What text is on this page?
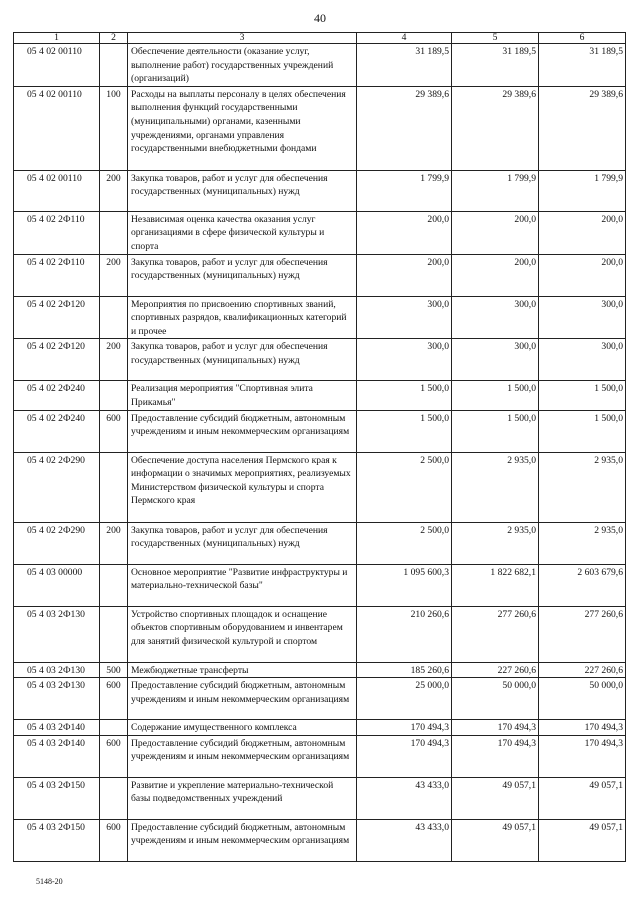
40
1	2	3	4	5	6
05 4 02 00110		Обеспечение деятельности (оказание услуг, выполнение работ) государственных учреждений (организаций)	31 189,5	31 189,5	31 189,5
05 4 02 00110	100	Расходы на выплаты персоналу в целях обеспечения выполнения функций государственными (муниципальными) органами, казенными учреждениями, органами управления государственными внебюджетными фондами	29 389,6	29 389,6	29 389,6
05 4 02 00110	200	Закупка товаров, работ и услуг для обеспечения государственных (муниципальных) нужд	1 799,9	1 799,9	1 799,9
05 4 02 2Ф110		Независимая оценка качества оказания услуг организациями в сфере физической культуры и спорта	200,0	200,0	200,0
05 4 02 2Ф110	200	Закупка товаров, работ и услуг для обеспечения государственных (муниципальных) нужд	200,0	200,0	200,0
05 4 02 2Ф120		Мероприятия по присвоению спортивных званий, спортивных разрядов, квалификационных категорий и прочее	300,0	300,0	300,0
05 4 02 2Ф120	200	Закупка товаров, работ и услуг для обеспечения государственных (муниципальных) нужд	300,0	300,0	300,0
05 4 02 2Ф240		Реализация мероприятия "Спортивная элита Прикамья"	1 500,0	1 500,0	1 500,0
05 4 02 2Ф240	600	Предоставление субсидий бюджетным, автономным учреждениям и иным некоммерческим организациям	1 500,0	1 500,0	1 500,0
05 4 02 2Ф290		Обеспечение доступа населения Пермского края к информации о значимых мероприятиях, реализуемых Министерством физической культуры и спорта Пермского края	2 500,0	2 935,0	2 935,0
05 4 02 2Ф290	200	Закупка товаров, работ и услуг для обеспечения государственных (муниципальных) нужд	2 500,0	2 935,0	2 935,0
05 4 03 00000		Основное мероприятие "Развитие инфраструктуры и материально-технической базы"	1 095 600,3	1 822 682,1	2 603 679,6
05 4 03 2Ф130		Устройство спортивных площадок и оснащение объектов спортивным оборудованием и инвентарем для занятий физической культурой и спортом	210 260,6	277 260,6	277 260,6
05 4 03 2Ф130	500	Межбюджетные трансферты	185 260,6	227 260,6	227 260,6
05 4 03 2Ф130	600	Предоставление субсидий бюджетным, автономным учреждениям и иным некоммерческим организациям	25 000,0	50 000,0	50 000,0
05 4 03 2Ф140		Содержание имущественного комплекса	170 494,3	170 494,3	170 494,3
05 4 03 2Ф140	600	Предоставление субсидий бюджетным, автономным учреждениям и иным некоммерческим организациям	170 494,3	170 494,3	170 494,3
05 4 03 2Ф150		Развитие и укрепление материально-технической базы подведомственных учреждений	43 433,0	49 057,1	49 057,1
05 4 03 2Ф150	600	Предоставление субсидий бюджетным, автономным учреждениям и иным некоммерческим организациям	43 433,0	49 057,1	49 057,1
5148-20
